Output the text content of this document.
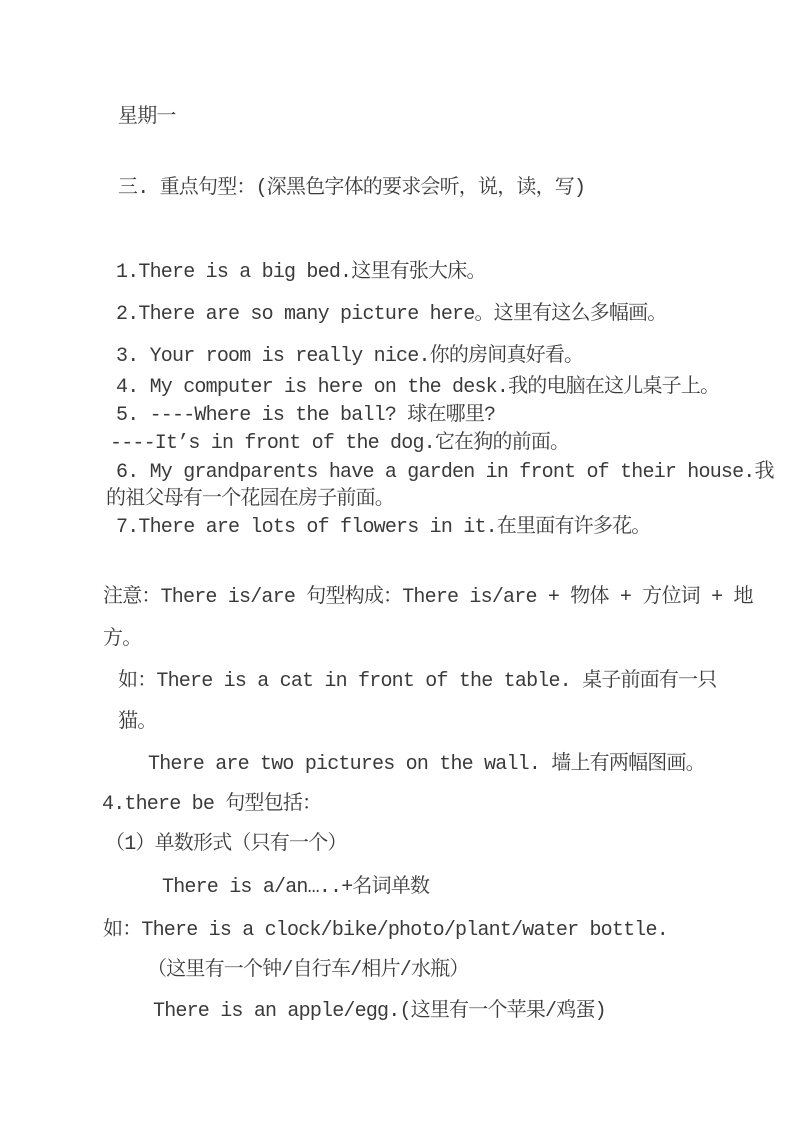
星期一
三. 重点句型：(深黑色字体的要求会听，说，读，写)
1.There is a big bed.这里有张大床。
2.There are so many picture here。这里有这么多幅画。
3. Your room is really nice.你的房间真好看。
4. My computer is here on the desk.我的电脑在这儿桌子上。
5. ----Where is the ball? 球在哪里?
----It’s in front of the dog.它在狗的前面。
6. My grandparents have a garden in front of their house.我
的祖父母有一个花园在房子前面。
7.There are lots of flowers in it.在里面有许多花。
注意：There is/are 句型构成：There is/are + 物体 + 方位词 + 地
方。
如：There is a cat in front of the table. 桌子前面有一只
猫。
There are two pictures on the wall. 墙上有两幅图画。
4.there be 句型包括：
（1）单数形式（只有一个）
There is a/an…..+名词单数
如：There is a clock/bike/photo/plant/water bottle.
（这里有一个钟/自行车/相片/水瓶）
There is an apple/egg.(这里有一个苹果/鸡蛋)
